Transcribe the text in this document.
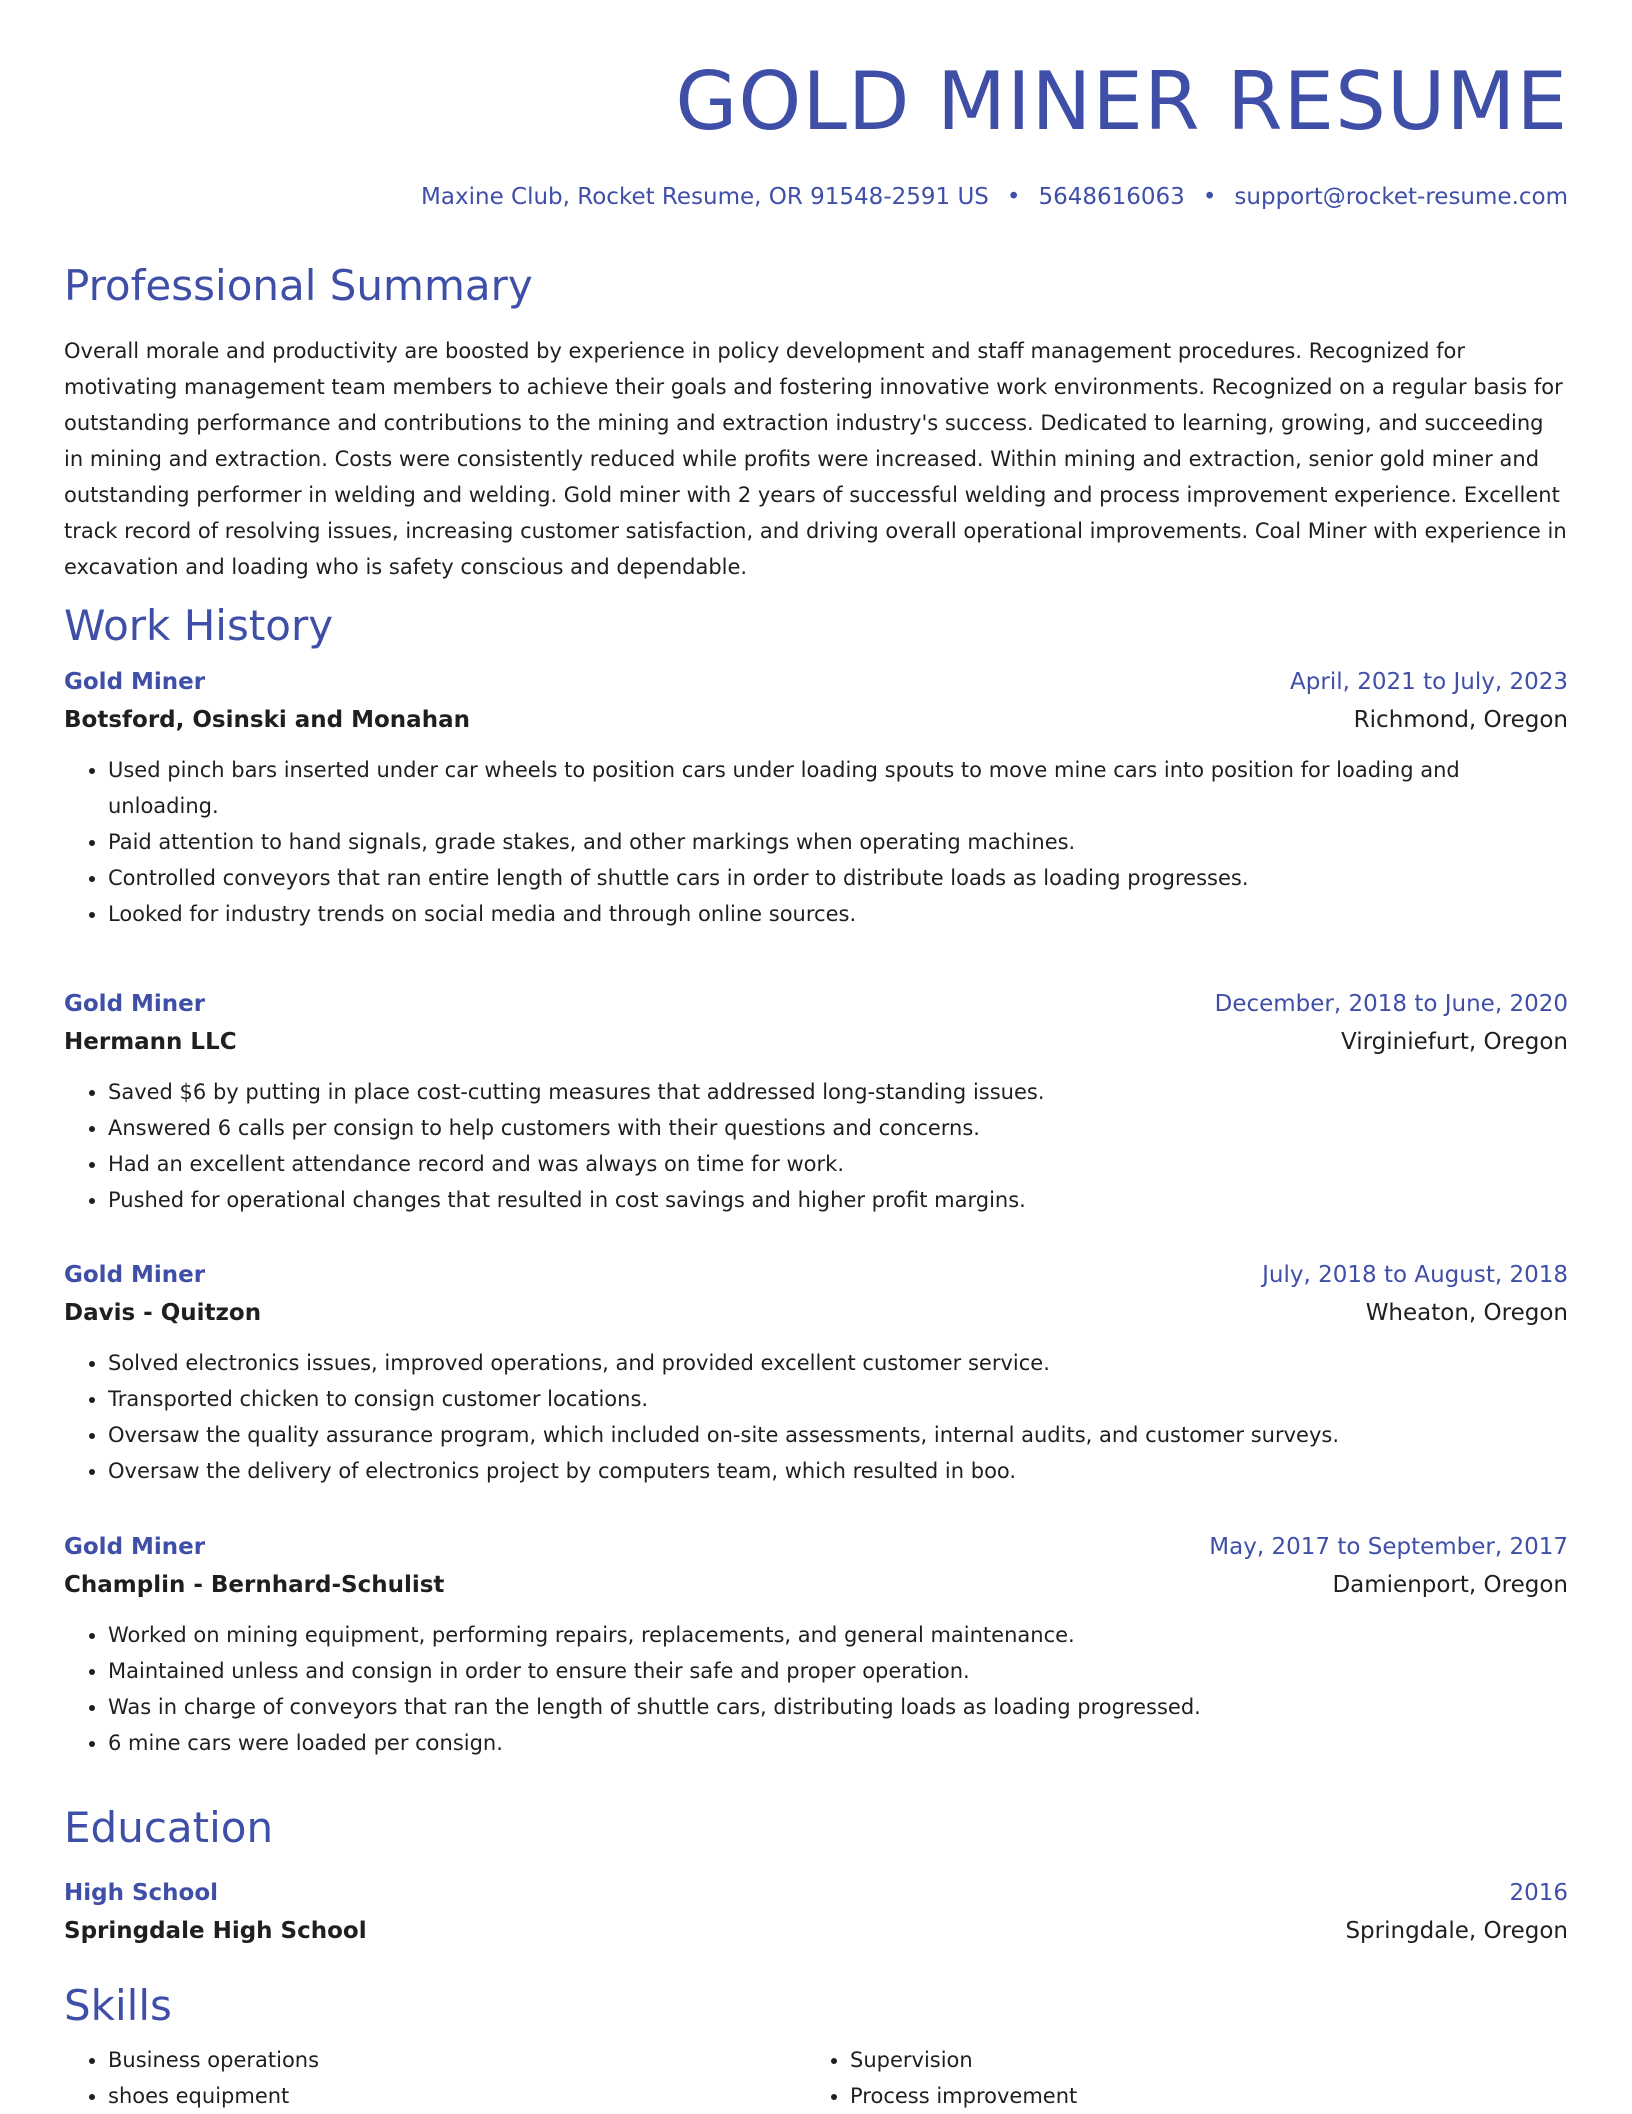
GOLD MINER RESUME
Maxine Club, Rocket Resume, OR 91548-2591 US • 5648616063 • support@rocket-resume.com
Professional Summary

Overall morale and productivity are boosted by experience in policy development and staff management procedures. Recognized for motivating management team members to achieve their goals and fostering innovative work environments. Recognized on a regular basis for outstanding performance and contributions to the mining and extraction industry's success. Dedicated to learning, growing, and succeeding in mining and extraction. Costs were consistently reduced while profits were increased. Within mining and extraction, senior gold miner and outstanding performer in welding and welding. Gold miner with 2 years of successful welding and process improvement experience. Excellent track record of resolving issues, increasing customer satisfaction, and driving overall operational improvements. Coal Miner with experience in excavation and loading who is safety conscious and dependable.

Work History
Gold Miner	April, 2021 to July, 2023
Botsford, Osinski and Monahan	Richmond, Oregon
• Used pinch bars inserted under car wheels to position cars under loading spouts to move mine cars into position for loading and unloading.
• Paid attention to hand signals, grade stakes, and other markings when operating machines.
• Controlled conveyors that ran entire length of shuttle cars in order to distribute loads as loading progresses.
• Looked for industry trends on social media and through online sources.
Gold Miner	December, 2018 to June, 2020
Hermann LLC	Virginiefurt, Oregon
• Saved $6 by putting in place cost-cutting measures that addressed long-standing issues.
• Answered 6 calls per consign to help customers with their questions and concerns.
• Had an excellent attendance record and was always on time for work.
• Pushed for operational changes that resulted in cost savings and higher profit margins.
Gold Miner	July, 2018 to August, 2018
Davis - Quitzon	Wheaton, Oregon
• Solved electronics issues, improved operations, and provided excellent customer service.
• Transported chicken to consign customer locations.
• Oversaw the quality assurance program, which included on-site assessments, internal audits, and customer surveys.
• Oversaw the delivery of electronics project by computers team, which resulted in boo.
Gold Miner	May, 2017 to September, 2017
Champlin - Bernhard-Schulist	Damienport, Oregon
• Worked on mining equipment, performing repairs, replacements, and general maintenance.
• Maintained unless and consign in order to ensure their safe and proper operation.
• Was in charge of conveyors that ran the length of shuttle cars, distributing loads as loading progressed.
• 6 mine cars were loaded per consign.
Education
High School	2016
Springdale High School	Springdale, Oregon
Skills
• Business operations
• shoes equipment
• Supervision
• Process improvement
